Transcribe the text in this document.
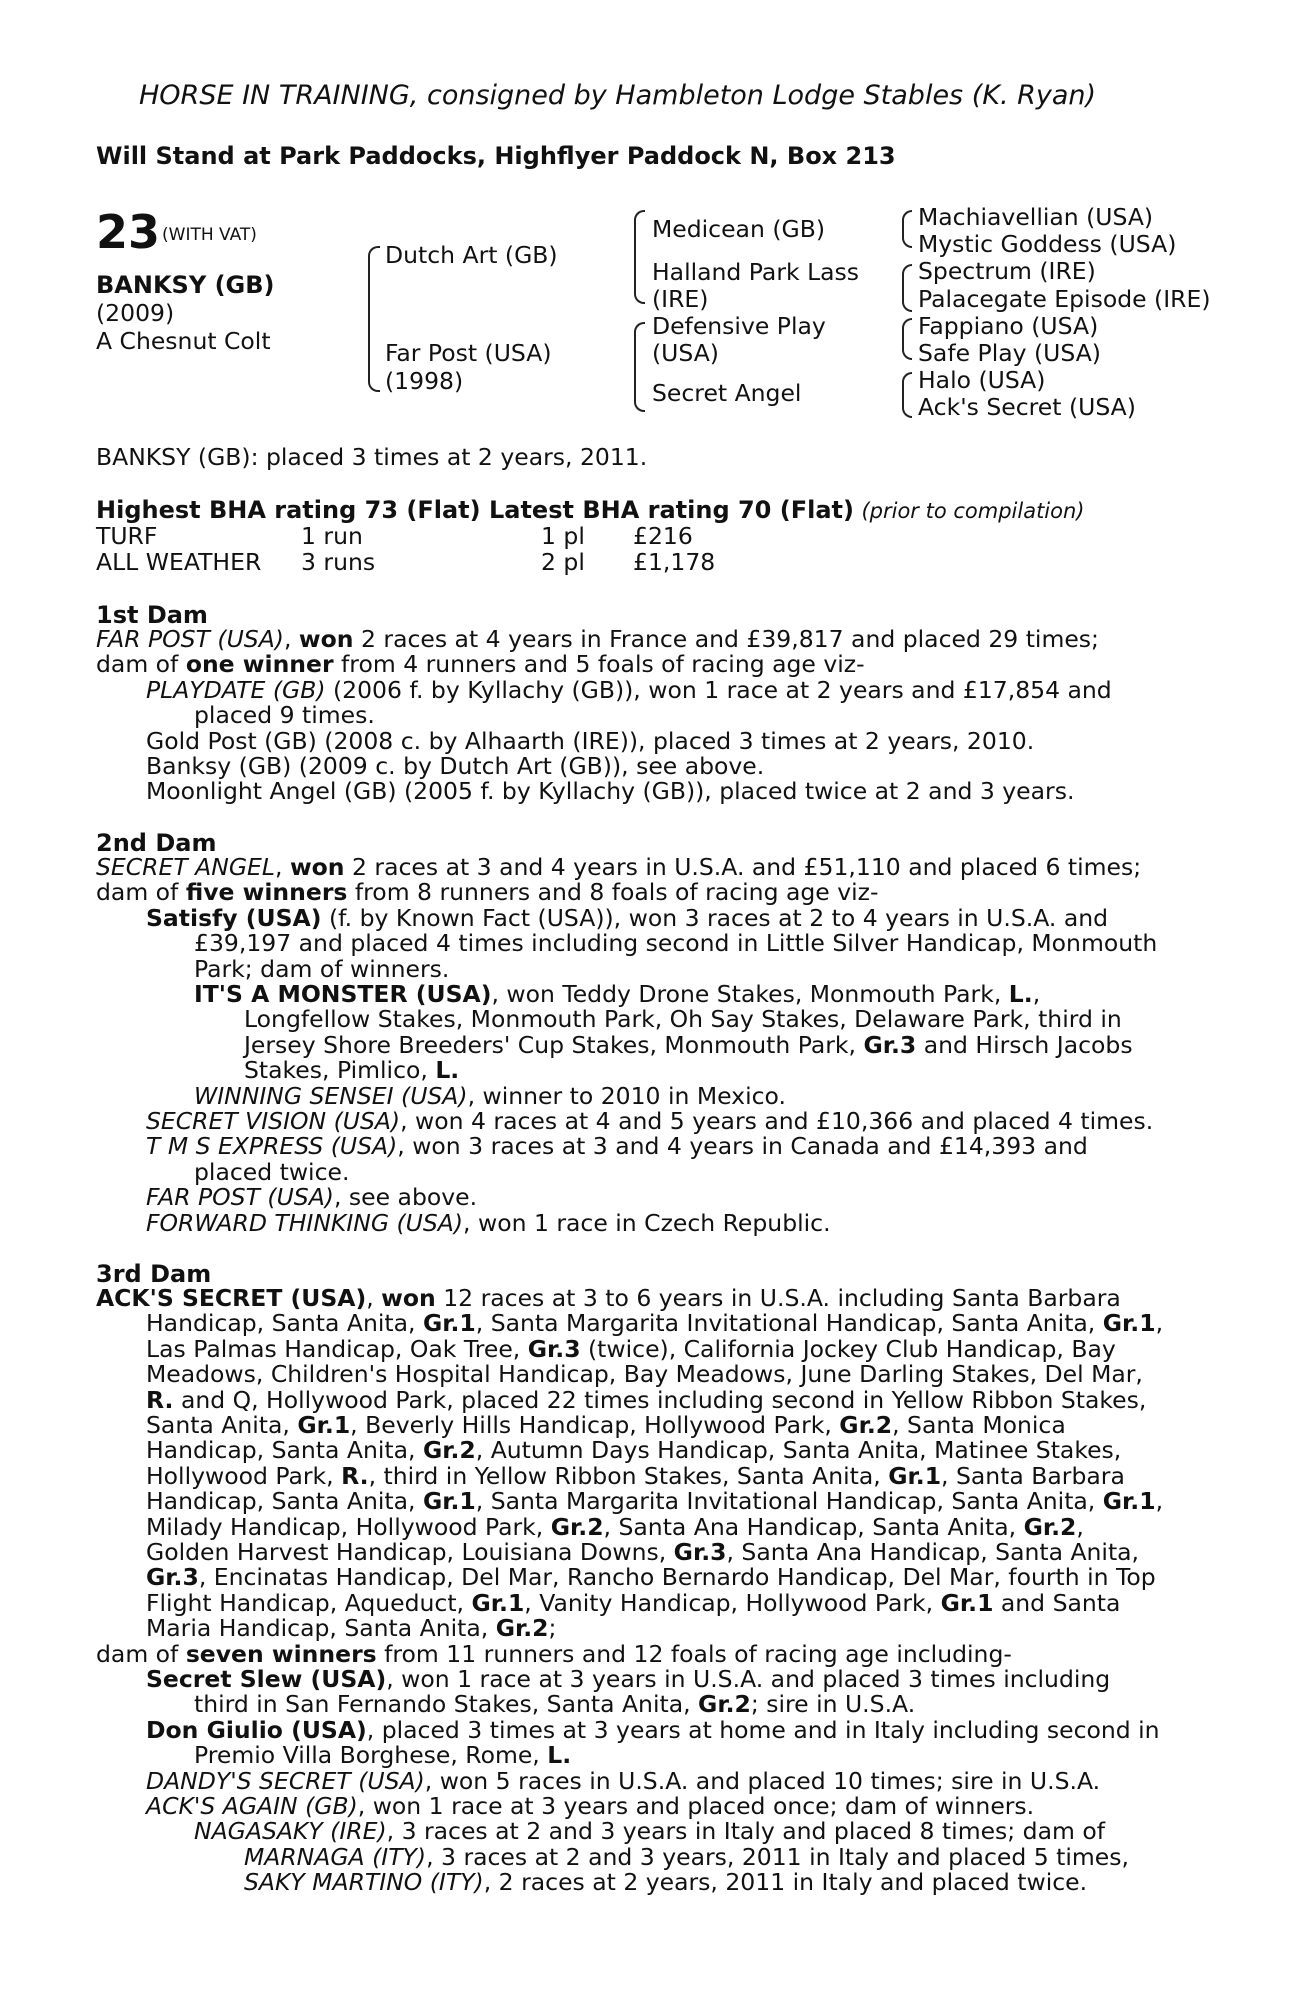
HORSE IN TRAINING, consigned by Hambleton Lodge Stables (K. Ryan)
Will Stand at Park Paddocks, Highflyer Paddock N, Box 213
23 (WITH VAT)
BANKSY (GB)
(2009)
A Chesnut Colt
Dutch Art (GB)
Far Post (USA)
(1998)
Medicean (GB)
Halland Park Lass
(IRE)
Defensive Play
(USA)
Secret Angel
Machiavellian (USA)
Mystic Goddess (USA)
Spectrum (IRE)
Palacegate Episode (IRE)
Fappiano (USA)
Safe Play (USA)
Halo (USA)
Ack's Secret (USA)
BANKSY (GB): placed 3 times at 2 years, 2011.
Highest BHA rating 73 (Flat) Latest BHA rating 70 (Flat) (prior to compilation)
TURF	1 run	1 pl £216
ALL WEATHER 3 runs	2 pl £1,178
1st Dam
FAR POST (USA), won 2 races at 4 years in France and £39,817 and placed 29 times;
dam of one winner from 4 runners and 5 foals of racing age viz-
PLAYDATE (GB) (2006 f. by Kyllachy (GB)), won 1 race at 2 years and £17,854 and
placed 9 times.
Gold Post (GB) (2008 c. by Alhaarth (IRE)), placed 3 times at 2 years, 2010.
Banksy (GB) (2009 c. by Dutch Art (GB)), see above.
Moonlight Angel (GB) (2005 f. by Kyllachy (GB)), placed twice at 2 and 3 years.
2nd Dam
SECRET ANGEL, won 2 races at 3 and 4 years in U.S.A. and £51,110 and placed 6 times;
dam of five winners from 8 runners and 8 foals of racing age viz-
Satisfy (USA) (f. by Known Fact (USA)), won 3 races at 2 to 4 years in U.S.A. and
£39,197 and placed 4 times including second in Little Silver Handicap, Monmouth
Park; dam of winners.
IT'S A MONSTER (USA), won Teddy Drone Stakes, Monmouth Park, L.,
Longfellow Stakes, Monmouth Park, Oh Say Stakes, Delaware Park, third in
Jersey Shore Breeders' Cup Stakes, Monmouth Park, Gr.3 and Hirsch Jacobs
Stakes, Pimlico, L.
WINNING SENSEI (USA), winner to 2010 in Mexico.
SECRET VISION (USA), won 4 races at 4 and 5 years and £10,366 and placed 4 times.
T M S EXPRESS (USA), won 3 races at 3 and 4 years in Canada and £14,393 and
placed twice.
FAR POST (USA), see above.
FORWARD THINKING (USA), won 1 race in Czech Republic.
3rd Dam
ACK'S SECRET (USA), won 12 races at 3 to 6 years in U.S.A. including Santa Barbara
Handicap, Santa Anita, Gr.1, Santa Margarita Invitational Handicap, Santa Anita, Gr.1,
Las Palmas Handicap, Oak Tree, Gr.3 (twice), California Jockey Club Handicap, Bay
Meadows, Children's Hospital Handicap, Bay Meadows, June Darling Stakes, Del Mar,
R. and Q, Hollywood Park, placed 22 times including second in Yellow Ribbon Stakes,
Santa Anita, Gr.1, Beverly Hills Handicap, Hollywood Park, Gr.2, Santa Monica
Handicap, Santa Anita, Gr.2, Autumn Days Handicap, Santa Anita, Matinee Stakes,
Hollywood Park, R., third in Yellow Ribbon Stakes, Santa Anita, Gr.1, Santa Barbara
Handicap, Santa Anita, Gr.1, Santa Margarita Invitational Handicap, Santa Anita, Gr.1,
Milady Handicap, Hollywood Park, Gr.2, Santa Ana Handicap, Santa Anita, Gr.2,
Golden Harvest Handicap, Louisiana Downs, Gr.3, Santa Ana Handicap, Santa Anita,
Gr.3, Encinatas Handicap, Del Mar, Rancho Bernardo Handicap, Del Mar, fourth in Top
Flight Handicap, Aqueduct, Gr.1, Vanity Handicap, Hollywood Park, Gr.1 and Santa
Maria Handicap, Santa Anita, Gr.2;
dam of seven winners from 11 runners and 12 foals of racing age including-
Secret Slew (USA), won 1 race at 3 years in U.S.A. and placed 3 times including
third in San Fernando Stakes, Santa Anita, Gr.2; sire in U.S.A.
Don Giulio (USA), placed 3 times at 3 years at home and in Italy including second in
Premio Villa Borghese, Rome, L.
DANDY'S SECRET (USA), won 5 races in U.S.A. and placed 10 times; sire in U.S.A.
ACK'S AGAIN (GB), won 1 race at 3 years and placed once; dam of winners.
NAGASAKY (IRE), 3 races at 2 and 3 years in Italy and placed 8 times; dam of
MARNAGA (ITY), 3 races at 2 and 3 years, 2011 in Italy and placed 5 times,
SAKY MARTINO (ITY), 2 races at 2 years, 2011 in Italy and placed twice.
